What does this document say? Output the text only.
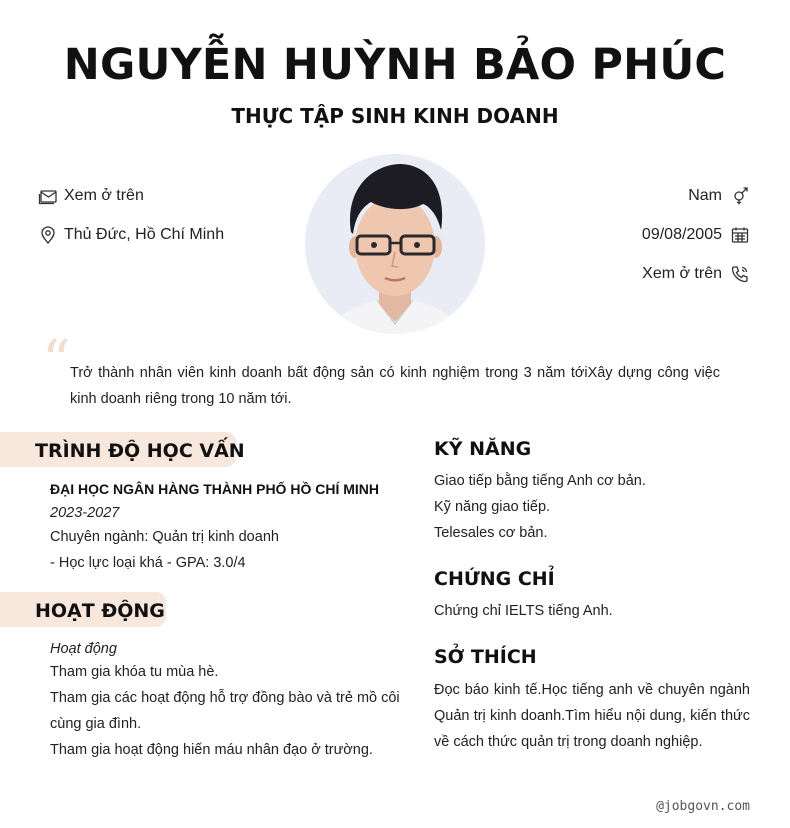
NGUYỄN HUỲNH BẢO PHÚC
THỰC TẬP SINH KINH DOANH
Xem ở trên
Thủ Đức, Hồ Chí Minh
Nam
09/08/2005
Xem ở trên
“ Trở thành nhân viên kinh doanh bất động sản có kinh nghiệm trong 3 năm tớiXây dựng công việc kinh doanh riêng trong 10 năm tới.
TRÌNH ĐỘ HỌC VẤN
ĐẠI HỌC NGÂN HÀNG THÀNH PHỐ HỒ CHÍ MINH
2023-2027
Chuyên ngành: Quản trị kinh doanh
- Học lực loại khá - GPA: 3.0/4
HOẠT ĐỘNG
Hoạt động
Tham gia khóa tu mùa hè.
Tham gia các hoạt động hỗ trợ đồng bào và trẻ mồ côi cùng gia đình.
Tham gia hoạt động hiến máu nhân đạo ở trường.
KỸ NĂNG
Giao tiếp bằng tiếng Anh cơ bản.
Kỹ năng giao tiếp.
Telesales cơ bản.
CHỨNG CHỈ
Chứng chỉ IELTS tiếng Anh.
SỞ THÍCH
Đọc báo kinh tế.Học tiếng anh về chuyên ngành Quản trị kinh doanh.Tìm hiểu nội dung, kiến thức về cách thức quản trị trong doanh nghiệp.
@jobgovn.com
